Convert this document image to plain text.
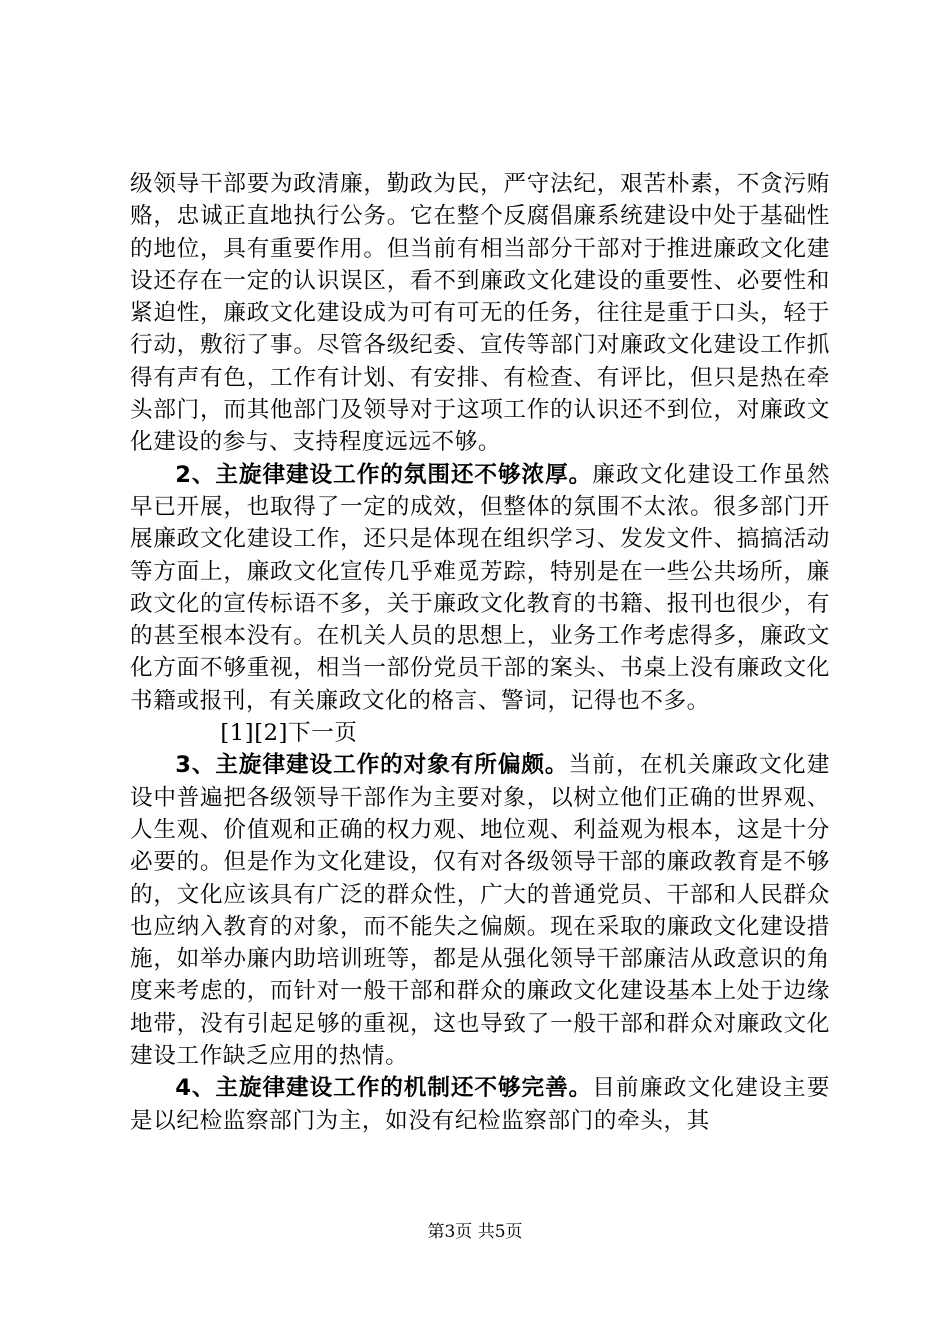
级领导干部要为政清廉，勤政为民，严守法纪，艰苦朴素，不贪污贿赂，忠诚正直地执行公务。它在整个反腐倡廉系统建设中处于基础性的地位，具有重要作用。但当前有相当部分干部对于推进廉政文化建设还存在一定的认识误区，看不到廉政文化建设的重要性、必要性和紧迫性，廉政文化建设成为可有可无的任务，往往是重于口头，轻于行动，敷衍了事。尽管各级纪委、宣传等部门对廉政文化建设工作抓得有声有色，工作有计划、有安排、有检查、有评比，但只是热在牵头部门，而其他部门及领导对于这项工作的认识还不到位，对廉政文化建设的参与、支持程度远远不够。

2、主旋律建设工作的氛围还不够浓厚。廉政文化建设工作虽然早已开展，也取得了一定的成效，但整体的氛围不太浓。很多部门开展廉政文化建设工作，还只是体现在组织学习、发发文件、搞搞活动等方面上，廉政文化宣传几乎难觅芳踪，特别是在一些公共场所，廉政文化的宣传标语不多，关于廉政文化教育的书籍、报刊也很少，有的甚至根本没有。在机关人员的思想上，业务工作考虑得多，廉政文化方面不够重视，相当一部份党员干部的案头、书桌上没有廉政文化书籍或报刊，有关廉政文化的格言、警词，记得也不多。

[1][2]下一页

3、主旋律建设工作的对象有所偏颇。当前，在机关廉政文化建设中普遍把各级领导干部作为主要对象，以树立他们正确的世界观、人生观、价值观和正确的权力观、地位观、利益观为根本，这是十分必要的。但是作为文化建设，仅有对各级领导干部的廉政教育是不够的，文化应该具有广泛的群众性，广大的普通党员、干部和人民群众也应纳入教育的对象，而不能失之偏颇。现在采取的廉政文化建设措施，如举办廉内助培训班等，都是从强化领导干部廉洁从政意识的角度来考虑的，而针对一般干部和群众的廉政文化建设基本上处于边缘地带，没有引起足够的重视，这也导致了一般干部和群众对廉政文化建设工作缺乏应用的热情。

4、主旋律建设工作的机制还不够完善。目前廉政文化建设主要是以纪检监察部门为主，如没有纪检监察部门的牵头，其

第3页 共5页
